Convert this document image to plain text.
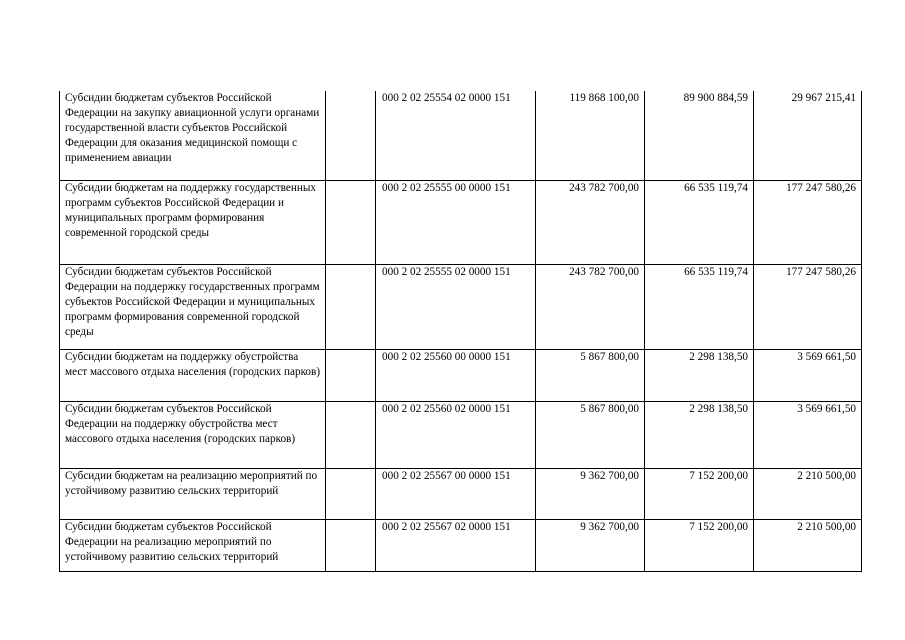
Субсидии бюджетам субъектов Российской Федерации на закупку авиационной услуги органами государственной власти субъектов Российской Федерации для оказания медицинской помощи с применением авиации		000 2 02 25554 02 0000 151	119 868 100,00	89 900 884,59	29 967 215,41
Субсидии бюджетам на поддержку государственных программ субъектов Российской Федерации и муниципальных программ формирования современной городской среды		000 2 02 25555 00 0000 151	243 782 700,00	66 535 119,74	177 247 580,26
Субсидии бюджетам субъектов Российской Федерации на поддержку государственных программ субъектов Российской Федерации и муниципальных программ формирования современной городской среды		000 2 02 25555 02 0000 151	243 782 700,00	66 535 119,74	177 247 580,26
Субсидии бюджетам на поддержку обустройства мест массового отдыха населения (городских парков)		000 2 02 25560 00 0000 151	5 867 800,00	2 298 138,50	3 569 661,50
Субсидии бюджетам субъектов Российской Федерации на поддержку обустройства мест массового отдыха населения (городских парков)		000 2 02 25560 02 0000 151	5 867 800,00	2 298 138,50	3 569 661,50
Субсидии бюджетам на реализацию мероприятий по устойчивому развитию сельских территорий		000 2 02 25567 00 0000 151	9 362 700,00	7 152 200,00	2 210 500,00
Субсидии бюджетам субъектов Российской Федерации на реализацию мероприятий по устойчивому развитию сельских территорий		000 2 02 25567 02 0000 151	9 362 700,00	7 152 200,00	2 210 500,00
